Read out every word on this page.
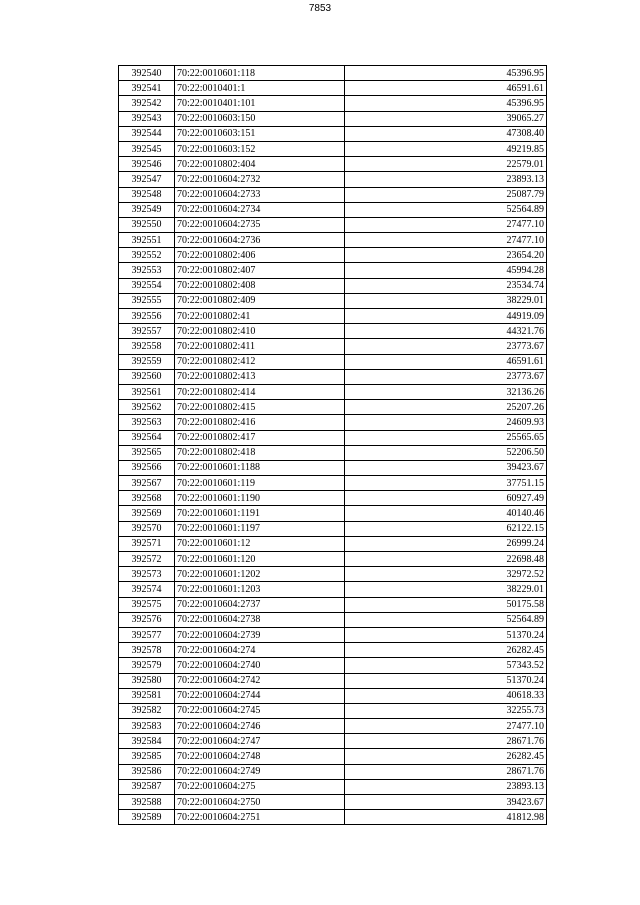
7853
392540	70:22:0010601:118	45396.95
392541	70:22:0010401:1	46591.61
392542	70:22:0010401:101	45396.95
392543	70:22:0010603:150	39065.27
392544	70:22:0010603:151	47308.40
392545	70:22:0010603:152	49219.85
392546	70:22:0010802:404	22579.01
392547	70:22:0010604:2732	23893.13
392548	70:22:0010604:2733	25087.79
392549	70:22:0010604:2734	52564.89
392550	70:22:0010604:2735	27477.10
392551	70:22:0010604:2736	27477.10
392552	70:22:0010802:406	23654.20
392553	70:22:0010802:407	45994.28
392554	70:22:0010802:408	23534.74
392555	70:22:0010802:409	38229.01
392556	70:22:0010802:41	44919.09
392557	70:22:0010802:410	44321.76
392558	70:22:0010802:411	23773.67
392559	70:22:0010802:412	46591.61
392560	70:22:0010802:413	23773.67
392561	70:22:0010802:414	32136.26
392562	70:22:0010802:415	25207.26
392563	70:22:0010802:416	24609.93
392564	70:22:0010802:417	25565.65
392565	70:22:0010802:418	52206.50
392566	70:22:0010601:1188	39423.67
392567	70:22:0010601:119	37751.15
392568	70:22:0010601:1190	60927.49
392569	70:22:0010601:1191	40140.46
392570	70:22:0010601:1197	62122.15
392571	70:22:0010601:12	26999.24
392572	70:22:0010601:120	22698.48
392573	70:22:0010601:1202	32972.52
392574	70:22:0010601:1203	38229.01
392575	70:22:0010604:2737	50175.58
392576	70:22:0010604:2738	52564.89
392577	70:22:0010604:2739	51370.24
392578	70:22:0010604:274	26282.45
392579	70:22:0010604:2740	57343.52
392580	70:22:0010604:2742	51370.24
392581	70:22:0010604:2744	40618.33
392582	70:22:0010604:2745	32255.73
392583	70:22:0010604:2746	27477.10
392584	70:22:0010604:2747	28671.76
392585	70:22:0010604:2748	26282.45
392586	70:22:0010604:2749	28671.76
392587	70:22:0010604:275	23893.13
392588	70:22:0010604:2750	39423.67
392589	70:22:0010604:2751	41812.98
